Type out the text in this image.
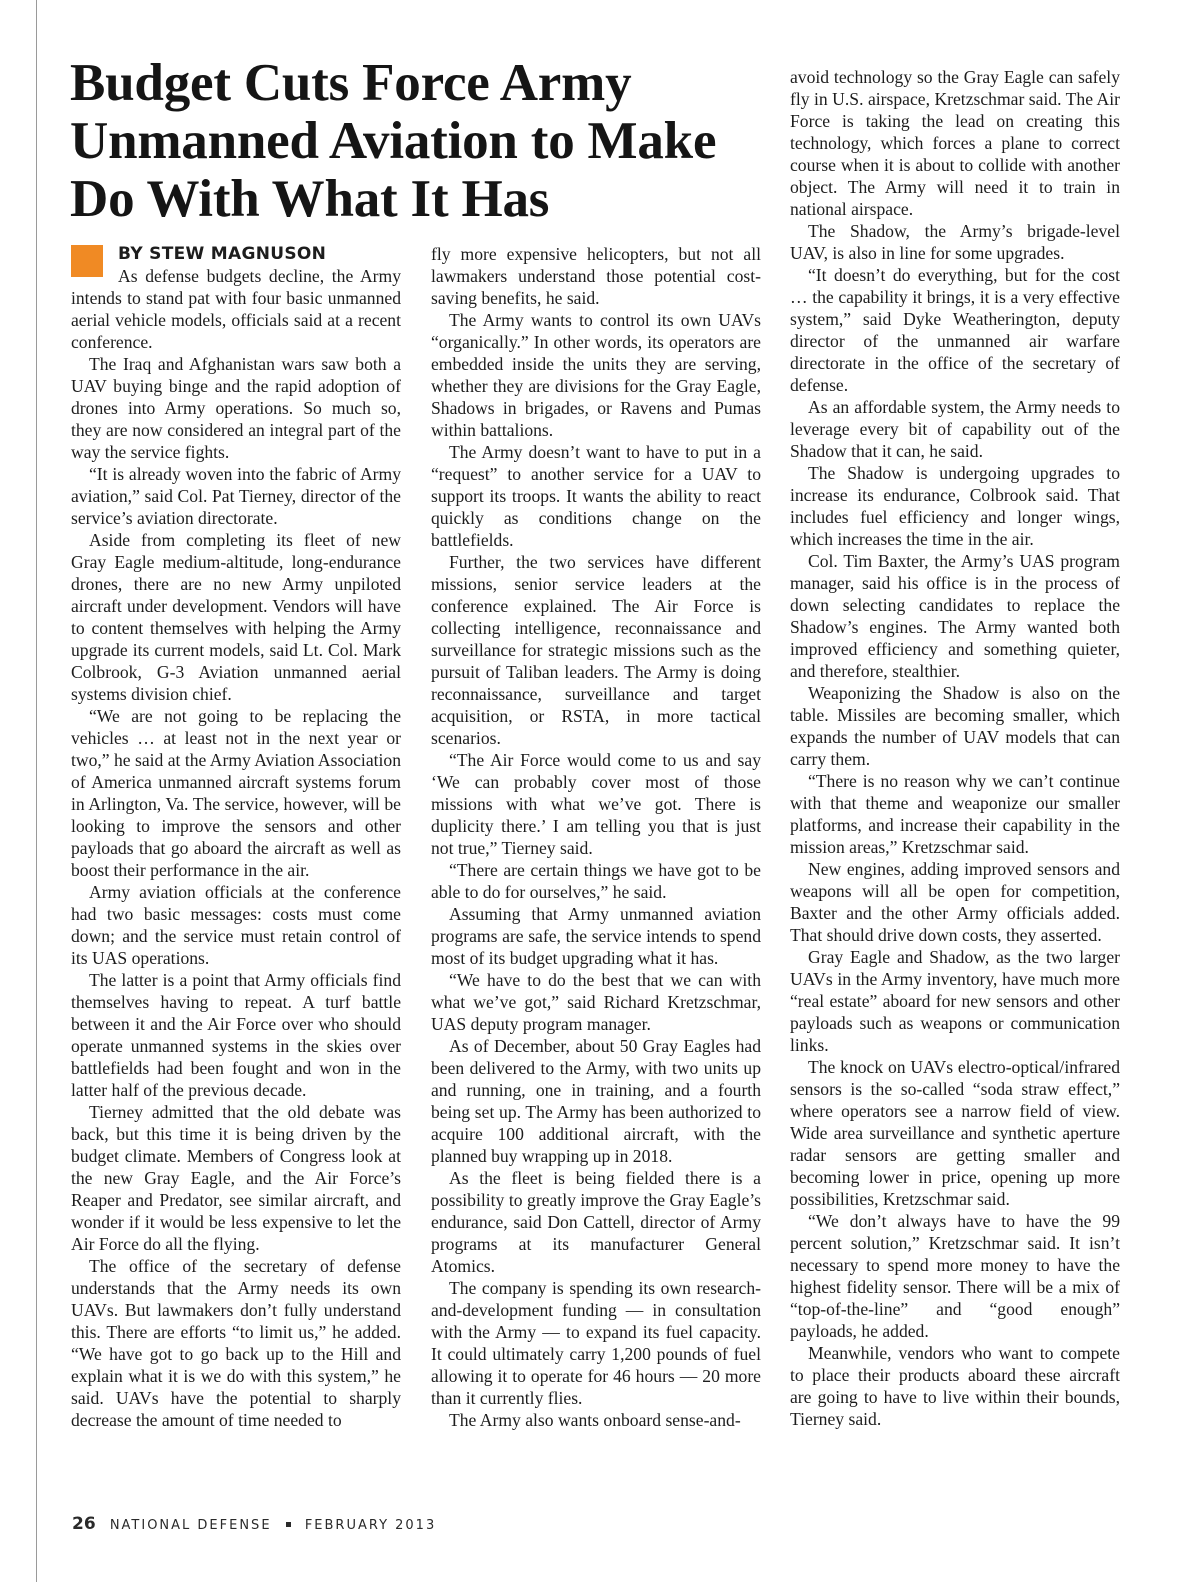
Budget Cuts Force Army Unmanned Aviation to Make Do With What It Has
BY STEW MAGNUSON

As defense budgets decline, the Army intends to stand pat with four basic unmanned aerial vehicle models, officials said at a recent conference.

The Iraq and Afghanistan wars saw both a UAV buying binge and the rapid adoption of drones into Army operations. So much so, they are now considered an integral part of the way the service fights.

“It is already woven into the fabric of Army aviation,” said Col. Pat Tierney, director of the service’s aviation directorate.

Aside from completing its fleet of new Gray Eagle medium-altitude, long-endurance drones, there are no new Army unpiloted aircraft under development. Vendors will have to content themselves with helping the Army upgrade its current models, said Lt. Col. Mark Colbrook, G-3 Aviation unmanned aerial systems division chief.

“We are not going to be replacing the vehicles … at least not in the next year or two,” he said at the Army Aviation Association of America unmanned aircraft systems forum in Arlington, Va. The service, however, will be looking to improve the sensors and other payloads that go aboard the aircraft as well as boost their performance in the air.

Army aviation officials at the conference had two basic messages: costs must come down; and the service must retain control of its UAS operations.

The latter is a point that Army officials find themselves having to repeat. A turf battle between it and the Air Force over who should operate unmanned systems in the skies over battlefields had been fought and won in the latter half of the previous decade.

Tierney admitted that the old debate was back, but this time it is being driven by the budget climate. Members of Congress look at the new Gray Eagle, and the Air Force’s Reaper and Predator, see similar aircraft, and wonder if it would be less expensive to let the Air Force do all the flying.

The office of the secretary of defense understands that the Army needs its own UAVs. But lawmakers don’t fully understand this. There are efforts “to limit us,” he added. “We have got to go back up to the Hill and explain what it is we do with this system,” he said. UAVs have the potential to sharply decrease the amount of time needed to

fly more expensive helicopters, but not all lawmakers understand those potential cost-saving benefits, he said.

The Army wants to control its own UAVs “organically.” In other words, its operators are embedded inside the units they are serving, whether they are divisions for the Gray Eagle, Shadows in brigades, or Ravens and Pumas within battalions.

The Army doesn’t want to have to put in a “request” to another service for a UAV to support its troops. It wants the ability to react quickly as conditions change on the battlefields.

Further, the two services have different missions, senior service leaders at the conference explained. The Air Force is collecting intelligence, reconnaissance and surveillance for strategic missions such as the pursuit of Taliban leaders. The Army is doing reconnaissance, surveillance and target acquisition, or RSTA, in more tactical scenarios.

“The Air Force would come to us and say ‘We can probably cover most of those missions with what we’ve got. There is duplicity there.’ I am telling you that is just not true,” Tierney said.

“There are certain things we have got to be able to do for ourselves,” he said.

Assuming that Army unmanned aviation programs are safe, the service intends to spend most of its budget upgrading what it has.

“We have to do the best that we can with what we’ve got,” said Richard Kretzschmar, UAS deputy program manager.

As of December, about 50 Gray Eagles had been delivered to the Army, with two units up and running, one in training, and a fourth being set up. The Army has been authorized to acquire 100 additional aircraft, with the planned buy wrapping up in 2018.

As the fleet is being fielded there is a possibility to greatly improve the Gray Eagle’s endurance, said Don Cattell, director of Army programs at its manufacturer General Atomics.

The company is spending its own research-and-development funding — in consultation with the Army — to expand its fuel capacity. It could ultimately carry 1,200 pounds of fuel allowing it to operate for 46 hours — 20 more than it currently flies.

The Army also wants onboard sense-and-

avoid technology so the Gray Eagle can safely fly in U.S. airspace, Kretzschmar said. The Air Force is taking the lead on creating this technology, which forces a plane to correct course when it is about to collide with another object. The Army will need it to train in national airspace.

The Shadow, the Army’s brigade-level UAV, is also in line for some upgrades.

“It doesn’t do everything, but for the cost … the capability it brings, it is a very effective system,” said Dyke Weatherington, deputy director of the unmanned air warfare directorate in the office of the secretary of defense.

As an affordable system, the Army needs to leverage every bit of capability out of the Shadow that it can, he said.

The Shadow is undergoing upgrades to increase its endurance, Colbrook said. That includes fuel efficiency and longer wings, which increases the time in the air.

Col. Tim Baxter, the Army’s UAS program manager, said his office is in the process of down selecting candidates to replace the Shadow’s engines. The Army wanted both improved efficiency and something quieter, and therefore, stealthier.

Weaponizing the Shadow is also on the table. Missiles are becoming smaller, which expands the number of UAV models that can carry them.

“There is no reason why we can’t continue with that theme and weaponize our smaller platforms, and increase their capability in the mission areas,” Kretzschmar said.

New engines, adding improved sensors and weapons will all be open for competition, Baxter and the other Army officials added. That should drive down costs, they asserted.

Gray Eagle and Shadow, as the two larger UAVs in the Army inventory, have much more “real estate” aboard for new sensors and other payloads such as weapons or communication links.

The knock on UAVs electro-optical/infrared sensors is the so-called “soda straw effect,” where operators see a narrow field of view. Wide area surveillance and synthetic aperture radar sensors are getting smaller and becoming lower in price, opening up more possibilities, Kretzschmar said.

“We don’t always have to have the 99 percent solution,” Kretzschmar said. It isn’t necessary to spend more money to have the highest fidelity sensor. There will be a mix of “top-of-the-line” and “good enough” payloads, he added.

Meanwhile, vendors who want to compete to place their products aboard these aircraft are going to have to live within their bounds, Tierney said.

26 NATIONAL DEFENSE	FEBRUARY 2013
